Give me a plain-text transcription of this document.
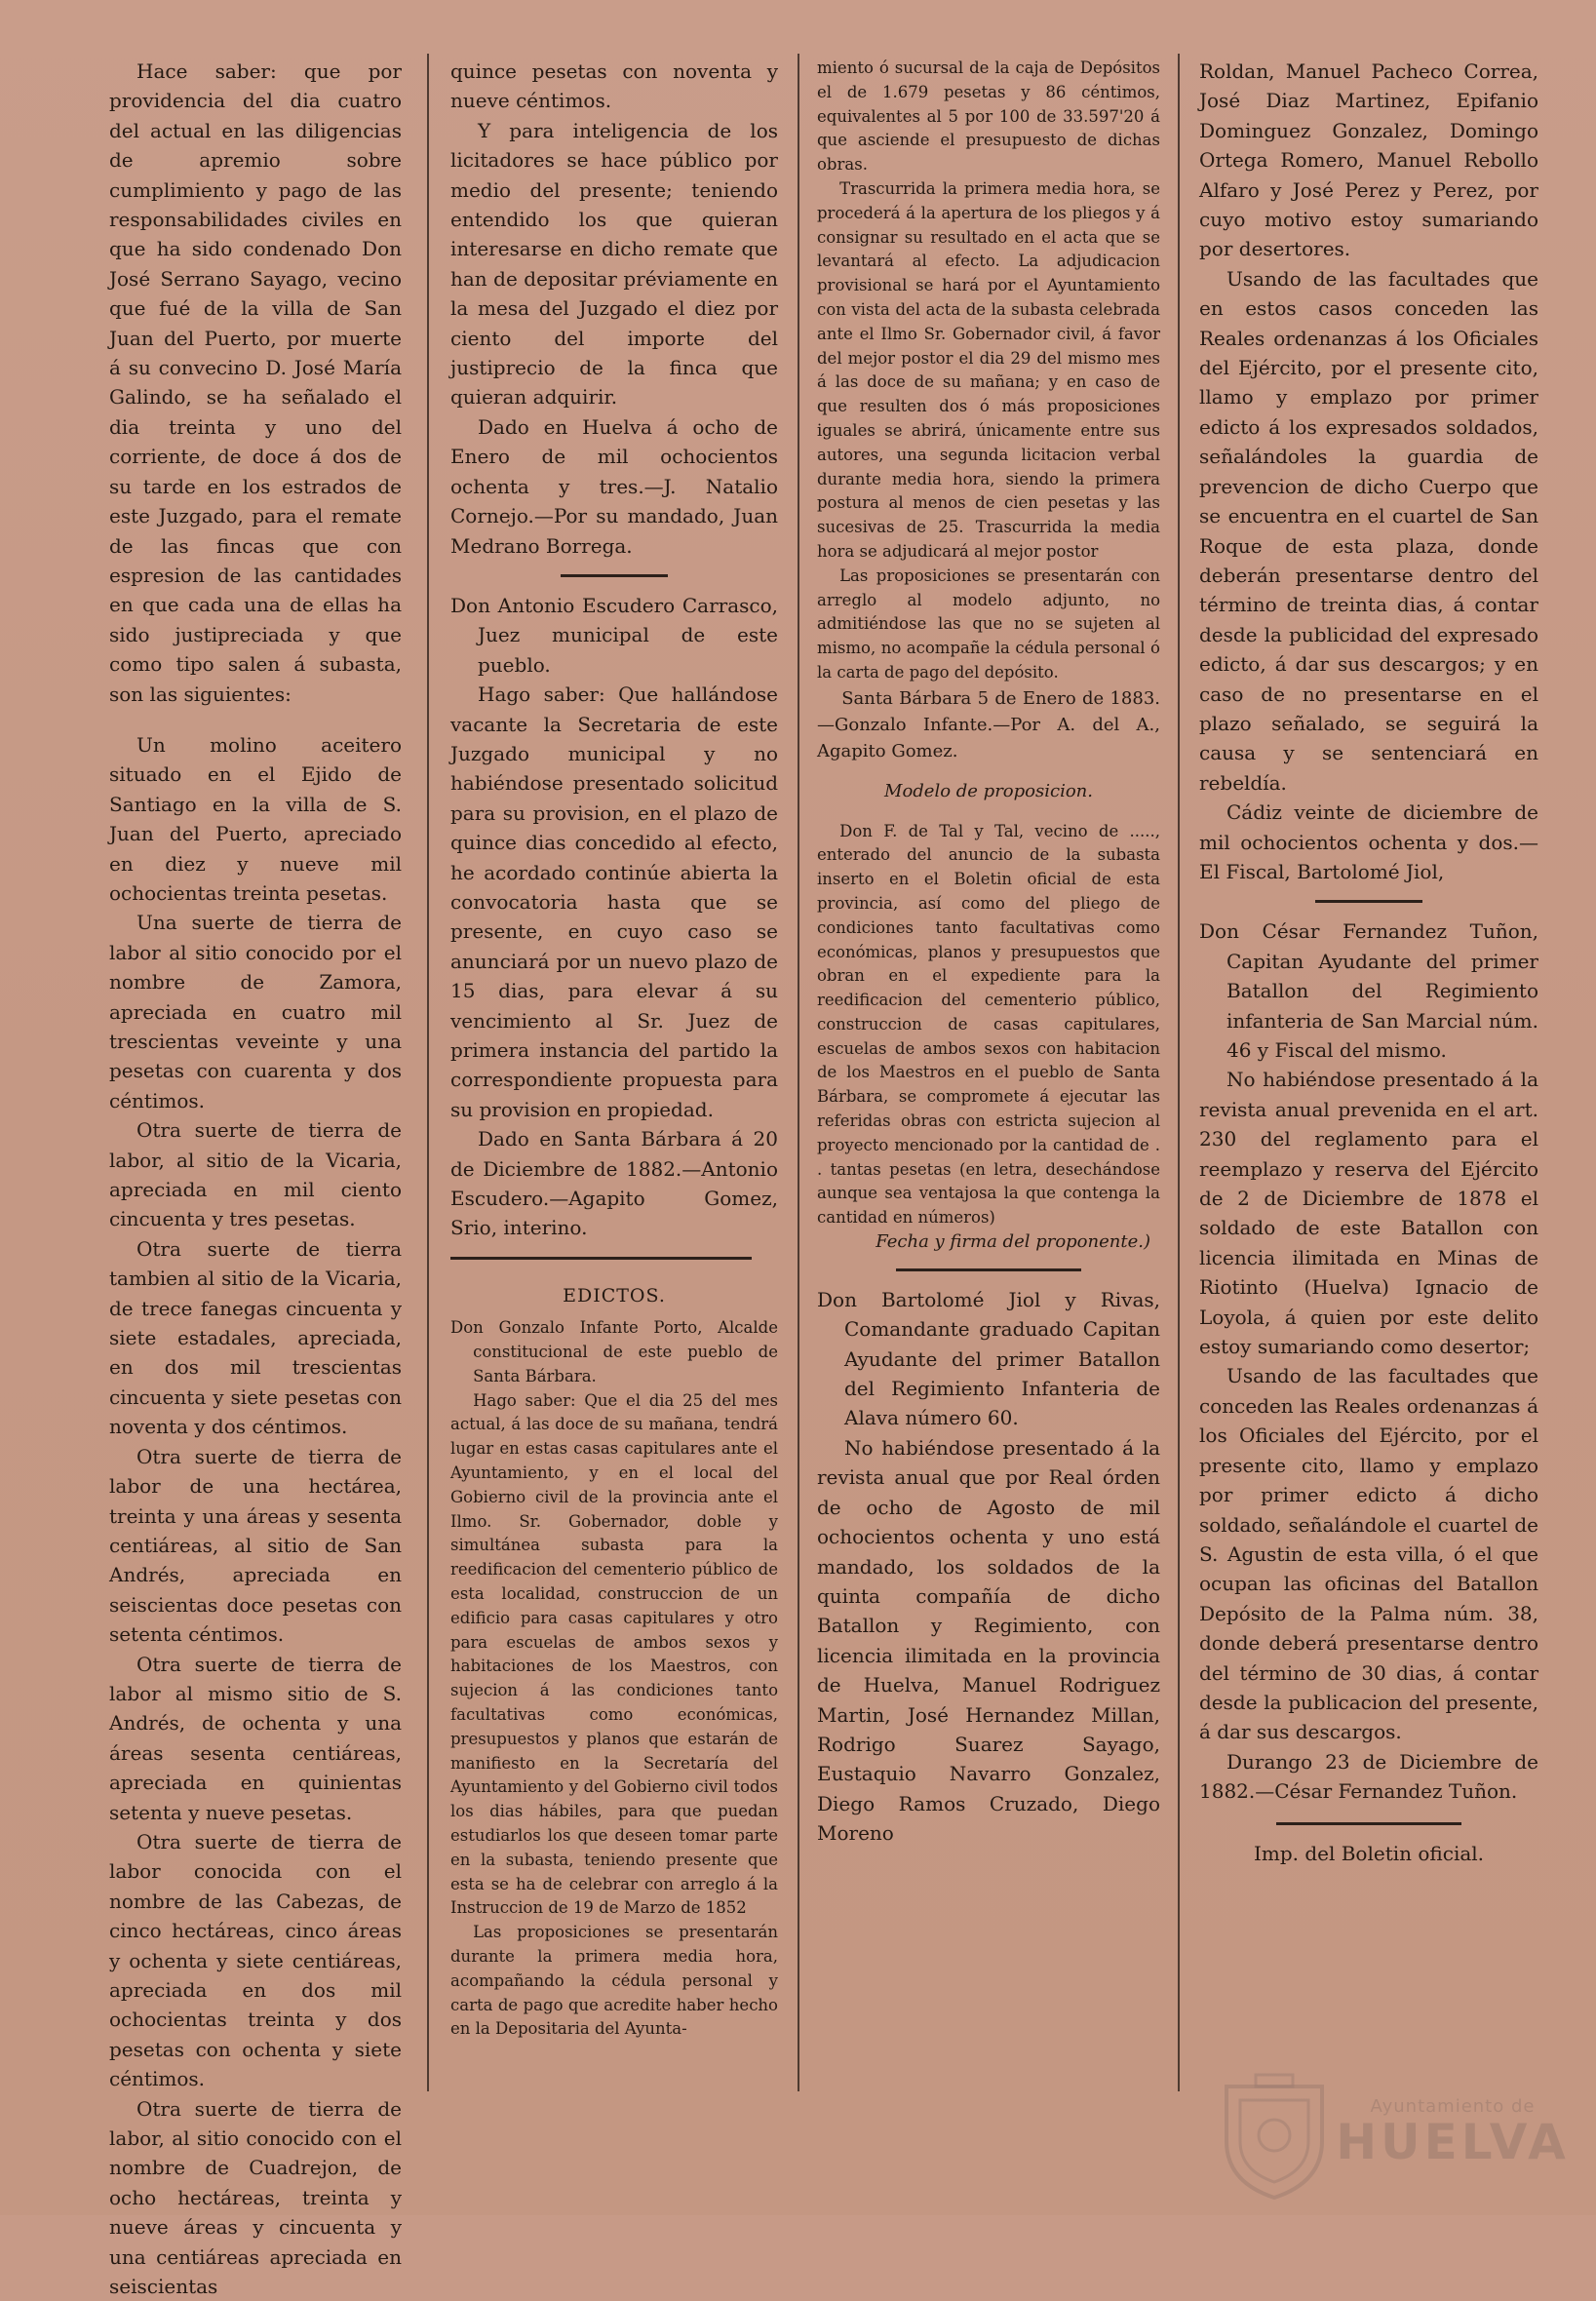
Hace saber: que por providencia del dia cuatro del actual en las diligencias de apremio sobre cumplimiento y pago de las responsabilidades civiles en que ha sido condenado Don José Serrano Sayago, vecino que fué de la villa de San Juan del Puerto, por muerte á su convecino D. José María Galindo, se ha señalado el dia treinta y uno del corriente, de doce á dos de su tarde en los estrados de este Juzgado, para el remate de las fincas que con espresion de las cantidades en que cada una de ellas ha sido justipreciada y que como tipo salen á subasta, son las siguientes:

Un molino aceitero situado en el Ejido de Santiago en la villa de S. Juan del Puerto, apreciado en diez y nueve mil ochocientas treinta pesetas.

Una suerte de tierra de labor al sitio conocido por el nombre de Zamora, apreciada en cuatro mil trescientas veveinte y una pesetas con cuarenta y dos céntimos.

Otra suerte de tierra de labor, al sitio de la Vicaria, apreciada en mil ciento cincuenta y tres pesetas.

Otra suerte de tierra tambien al sitio de la Vicaria, de trece fanegas cincuenta y siete estadales, apreciada, en dos mil trescientas cincuenta y siete pesetas con noventa y dos céntimos.

Otra suerte de tierra de labor de una hectárea, treinta y una áreas y sesenta centiáreas, al sitio de San Andrés, apreciada en seiscientas doce pesetas con setenta céntimos.

Otra suerte de tierra de labor al mismo sitio de S. Andrés, de ochenta y una áreas sesenta centiáreas, apreciada en quinientas setenta y nueve pesetas.

Otra suerte de tierra de labor conocida con el nombre de las Cabezas, de cinco hectáreas, cinco áreas y ochenta y siete centiáreas, apreciada en dos mil ochocientas treinta y dos pesetas con ochenta y siete céntimos.

Otra suerte de tierra de labor, al sitio conocido con el nombre de Cuadrejon, de ocho hectáreas, treinta y nueve áreas y cincuenta y una centiáreas apreciada en seiscientas

quince pesetas con noventa y nueve céntimos.

Y para inteligencia de los licitadores se hace público por medio del presente; teniendo entendido los que quieran interesarse en dicho remate que han de depositar préviamente en la mesa del Juzgado el diez por ciento del importe del justiprecio de la finca que quieran adquirir.

Dado en Huelva á ocho de Enero de mil ochocientos ochenta y tres.—J. Natalio Cornejo.—Por su mandado, Juan Medrano Borrega.

Don Antonio Escudero Carrasco, Juez municipal de este pueblo.

Hago saber: Que hallándose vacante la Secretaria de este Juzgado municipal y no habiéndose presentado solicitud para su provision, en el plazo de quince dias concedido al efecto, he acordado continúe abierta la convocatoria hasta que se presente, en cuyo caso se anunciará por un nuevo plazo de 15 dias, para elevar á su vencimiento al Sr. Juez de primera instancia del partido la correspondiente propuesta para su provision en propiedad.

Dado en Santa Bárbara á 20 de Diciembre de 1882.—Antonio Escudero.—Agapito Gomez, Srio, interino.

EDICTOS.

Don Gonzalo Infante Porto, Alcalde constitucional de este pueblo de Santa Bárbara.

Hago saber: Que el dia 25 del mes actual, á las doce de su mañana, tendrá lugar en estas casas capitulares ante el Ayuntamiento, y en el local del Gobierno civil de la provincia ante el Ilmo. Sr. Gobernador, doble y simultánea subasta para la reedificacion del cementerio público de esta localidad, construccion de un edificio para casas capitulares y otro para escuelas de ambos sexos y habitaciones de los Maestros, con sujecion á las condiciones tanto facultativas como económicas, presupuestos y planos que estarán de manifiesto en la Secretaría del Ayuntamiento y del Gobierno civil todos los dias hábiles, para que puedan estudiarlos los que deseen tomar parte en la subasta, teniendo presente que esta se ha de celebrar con arreglo á la Instruccion de 19 de Marzo de 1852

Las proposiciones se presentarán durante la primera media hora, acompañando la cédula personal y carta de pago que acredite haber hecho en la Depositaria del Ayunta-

miento ó sucursal de la caja de Depósitos el de 1.679 pesetas y 86 céntimos, equivalentes al 5 por 100 de 33.597'20 á que asciende el presupuesto de dichas obras.

Trascurrida la primera media hora, se procederá á la apertura de los pliegos y á consignar su resultado en el acta que se levantará al efecto. La adjudicacion provisional se hará por el Ayuntamiento con vista del acta de la subasta celebrada ante el Ilmo Sr. Gobernador civil, á favor del mejor postor el dia 29 del mismo mes á las doce de su mañana; y en caso de que resulten dos ó más proposiciones iguales se abrirá, únicamente entre sus autores, una segunda licitacion verbal durante media hora, siendo la primera postura al menos de cien pesetas y las sucesivas de 25. Trascurrida la media hora se adjudicará al mejor postor

Las proposiciones se presentarán con arreglo al modelo adjunto, no admitiéndose las que no se sujeten al mismo, no acompañe la cédula personal ó la carta de pago del depósito.

Santa Bárbara 5 de Enero de 1883.—Gonzalo Infante.—Por A. del A., Agapito Gomez.

Modelo de proposicion.

Don F. de Tal y Tal, vecino de ....., enterado del anuncio de la subasta inserto en el Boletin oficial de esta provincia, así como del pliego de condiciones tanto facultativas como económicas, planos y presupuestos que obran en el expediente para la reedificacion del cementerio público, construccion de casas capitulares, escuelas de ambos sexos con habitacion de los Maestros en el pueblo de Santa Bárbara, se compromete á ejecutar las referidas obras con estricta sujecion al proyecto mencionado por la cantidad de . . tantas pesetas (en letra, desechándose aunque sea ventajosa la que contenga la cantidad en números)

Fecha y firma del proponente.)

Don Bartolomé Jiol y Rivas, Comandante graduado Capitan Ayudante del primer Batallon del Regimiento Infanteria de Alava número 60.

No habiéndose presentado á la revista anual que por Real órden de ocho de Agosto de mil ochocientos ochenta y uno está mandado, los soldados de la quinta compañía de dicho Batallon y Regimiento, con licencia ilimitada en la provincia de Huelva, Manuel Rodriguez Martin, José Hernandez Millan, Rodrigo Suarez Sayago, Eustaquio Navarro Gonzalez, Diego Ramos Cruzado, Diego Moreno

Roldan, Manuel Pacheco Correa, José Diaz Martinez, Epifanio Dominguez Gonzalez, Domingo Ortega Romero, Manuel Rebollo Alfaro y José Perez y Perez, por cuyo motivo estoy sumariando por desertores.

Usando de las facultades que en estos casos conceden las Reales ordenanzas á los Oficiales del Ejército, por el presente cito, llamo y emplazo por primer edicto á los expresados soldados, señalándoles la guardia de prevencion de dicho Cuerpo que se encuentra en el cuartel de San Roque de esta plaza, donde deberán presentarse dentro del término de treinta dias, á contar desde la publicidad del expresado edicto, á dar sus descargos; y en caso de no presentarse en el plazo señalado, se seguirá la causa y se sentenciará en rebeldía.

Cádiz veinte de diciembre de mil ochocientos ochenta y dos.—El Fiscal, Bartolomé Jiol,

Don César Fernandez Tuñon, Capitan Ayudante del primer Batallon del Regimiento infanteria de San Marcial núm. 46 y Fiscal del mismo.

No habiéndose presentado á la revista anual prevenida en el art. 230 del reglamento para el reemplazo y reserva del Ejército de 2 de Diciembre de 1878 el soldado de este Batallon con licencia ilimitada en Minas de Riotinto (Huelva) Ignacio de Loyola, á quien por este delito estoy sumariando como desertor;

Usando de las facultades que conceden las Reales ordenanzas á los Oficiales del Ejército, por el presente cito, llamo y emplazo por primer edicto á dicho soldado, señalándole el cuartel de S. Agustin de esta villa, ó el que ocupan las oficinas del Batallon Depósito de la Palma núm. 38, donde deberá presentarse dentro del término de 30 dias, á contar desde la publicacion del presente, á dar sus descargos.

Durango 23 de Diciembre de 1882.—César Fernandez Tuñon.

Imp. del Boletin oficial.

Ayuntamiento de
HUELVA
